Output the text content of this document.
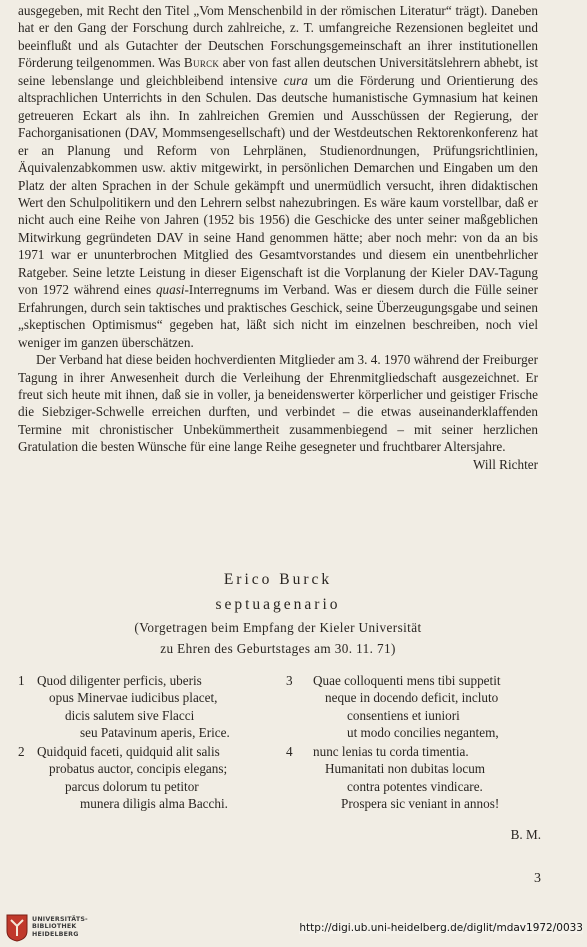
ausgegeben, mit Recht den Titel „Vom Menschenbild in der römischen Literatur“ trägt). Daneben hat er den Gang der Forschung durch zahlreiche, z. T. umfangreiche Rezensionen begleitet und beeinflußt und als Gutachter der Deutschen Forschungsgemeinschaft an ihrer institutionellen Förderung teilgenommen. Was Burck aber von fast allen deutschen Universitätslehrern abhebt, ist seine lebenslange und gleichbleibend intensive cura um die Förderung und Orientierung des altsprachlichen Unterrichts in den Schulen. Das deutsche humanistische Gymnasium hat keinen getreueren Eckart als ihn. In zahlreichen Gremien und Ausschüssen der Regierung, der Fachorganisationen (DAV, Mommsengesellschaft) und der Westdeutschen Rektorenkonferenz hat er an Planung und Reform von Lehrplänen, Studienordnungen, Prüfungsrichtlinien, Äquivalenzabkommen usw. aktiv mitgewirkt, in persönlichen Demarchen und Eingaben um den Platz der alten Sprachen in der Schule gekämpft und unermüdlich versucht, ihren didaktischen Wert den Schulpolitikern und den Lehrern selbst nahezubringen. Es wäre kaum vorstellbar, daß er nicht auch eine Reihe von Jahren (1952 bis 1956) die Geschicke des unter seiner maßgeblichen Mitwirkung gegründeten DAV in seine Hand genommen hätte; aber noch mehr: von da an bis 1971 war er ununterbrochen Mitglied des Gesamtvorstandes und diesem ein unentbehrlicher Ratgeber. Seine letzte Leistung in dieser Eigenschaft ist die Vorplanung der Kieler DAV-Tagung von 1972 während eines quasi-Interregnums im Verband. Was er diesem durch die Fülle seiner Erfahrungen, durch sein taktisches und praktisches Geschick, seine Überzeugungsgabe und seinen „skeptischen Optimismus“ gegeben hat, läßt sich nicht im einzelnen beschreiben, noch viel weniger im ganzen überschätzen.

Der Verband hat diese beiden hochverdienten Mitglieder am 3. 4. 1970 während der Freiburger Tagung in ihrer Anwesenheit durch die Verleihung der Ehrenmitgliedschaft ausgezeichnet. Er freut sich heute mit ihnen, daß sie in voller, ja beneidenswerter körperlicher und geistiger Frische die Siebziger-Schwelle erreichen durften, und verbindet – die etwas auseinanderklaffenden Termine mit chronistischer Unbekümmertheit zusammenbiegend – mit seiner herzlichen Gratulation die besten Wünsche für eine lange Reihe gesegneter und fruchtbarer Altersjahre.
Will Richter

Erico Burck
septuagenario
(Vorgetragen beim Empfang der Kieler Universität
zu Ehren des Geburtstages am 30. 11. 71)
1 Quod diligenter perficis, uberis
opus Minervae iudicibus placet,
dicis salutem sive Flacci
seu Patavinum aperis, Erice.
2 Quidquid faceti, quidquid alit salis
probatus auctor, concipis elegans;
parcus dolorum tu petitor
munera diligis alma Bacchi.
3 Quae colloquenti mens tibi suppetit
neque in docendo deficit, incluto
consentiens et iuniori
ut modo concilies negantem,
4 nunc lenias tu corda timentia.
Humanitati non dubitas locum
contra potentes vindicare.
Prospera sic veniant in annos!
B. M.
3
UNIVERSITÄTS-
BIBLIOTHEK
HEIDELBERG
http://digi.ub.uni-heidelberg.de/diglit/mdav1972/0033
